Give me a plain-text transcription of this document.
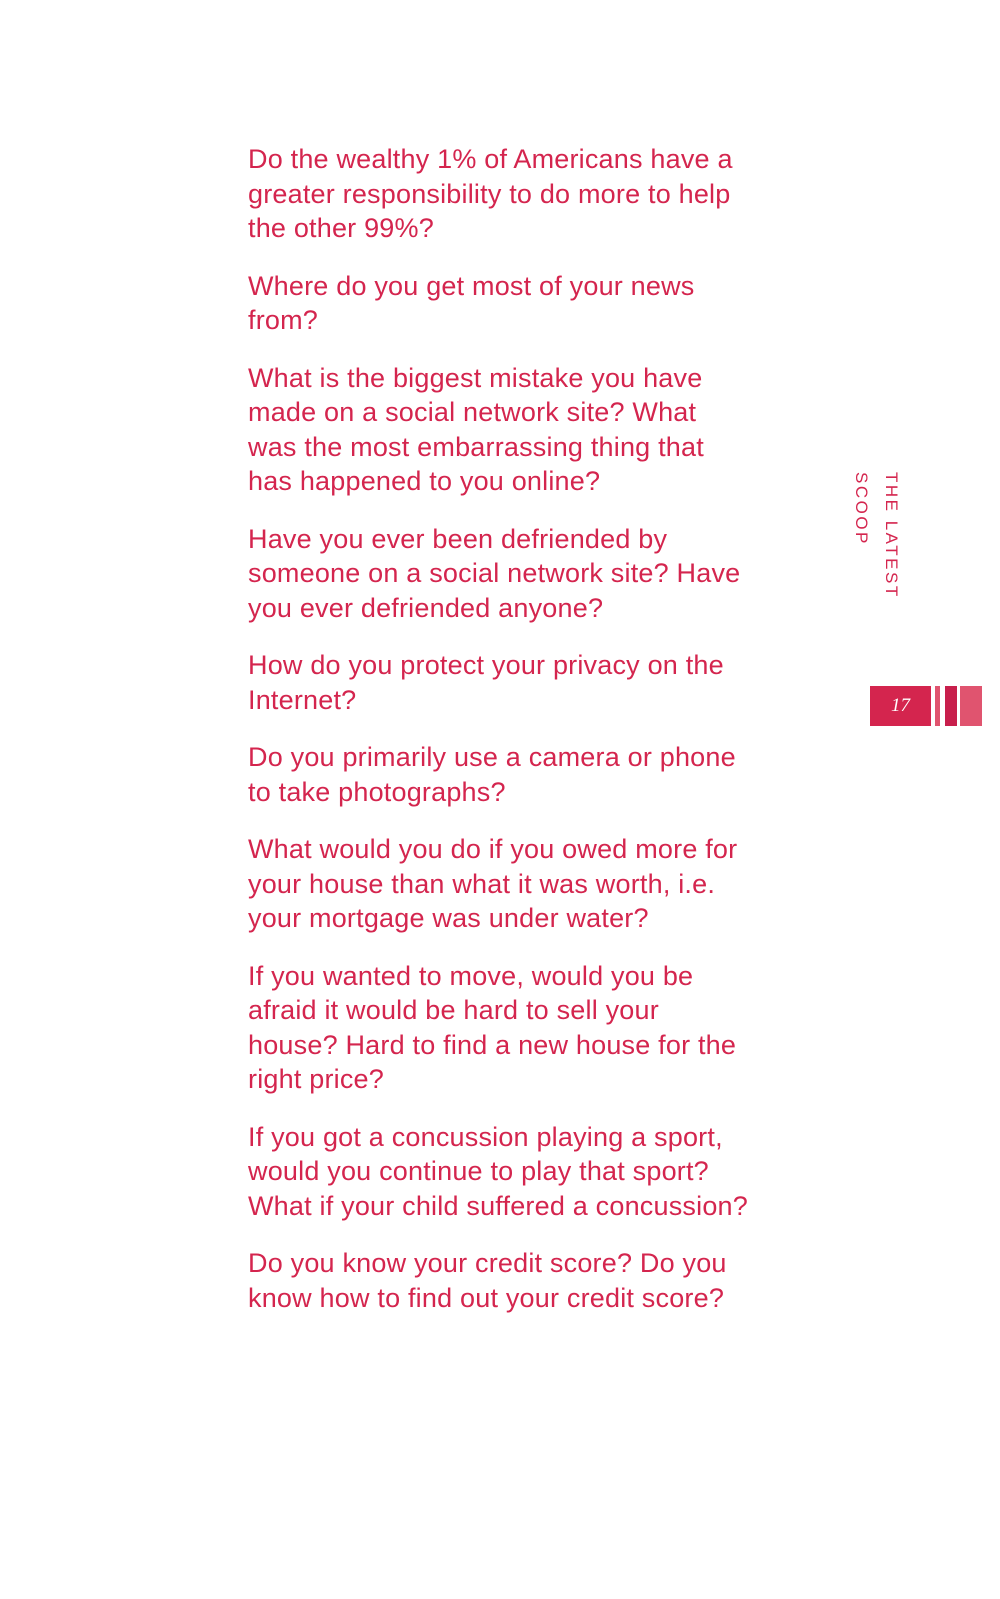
Do the wealthy 1% of Americans have a greater responsibility to do more to help the other 99%?
Where do you get most of your news from?
What is the biggest mistake you have made on a social network site? What was the most embarrassing thing that has happened to you online?
Have you ever been defriended by someone on a social network site? Have you ever defriended anyone?
How do you protect your privacy on the Internet?
Do you primarily use a camera or phone to take photographs?
What would you do if you owed more for your house than what it was worth, i.e. your mortgage was under water?
If you wanted to move, would you be afraid it would be hard to sell your house? Hard to find a new house for the right price?
If you got a concussion playing a sport, would you continue to play that sport? What if your child suffered a concussion?
Do you know your credit score? Do you know how to find out your credit score?
THE LATEST SCOOP
17
